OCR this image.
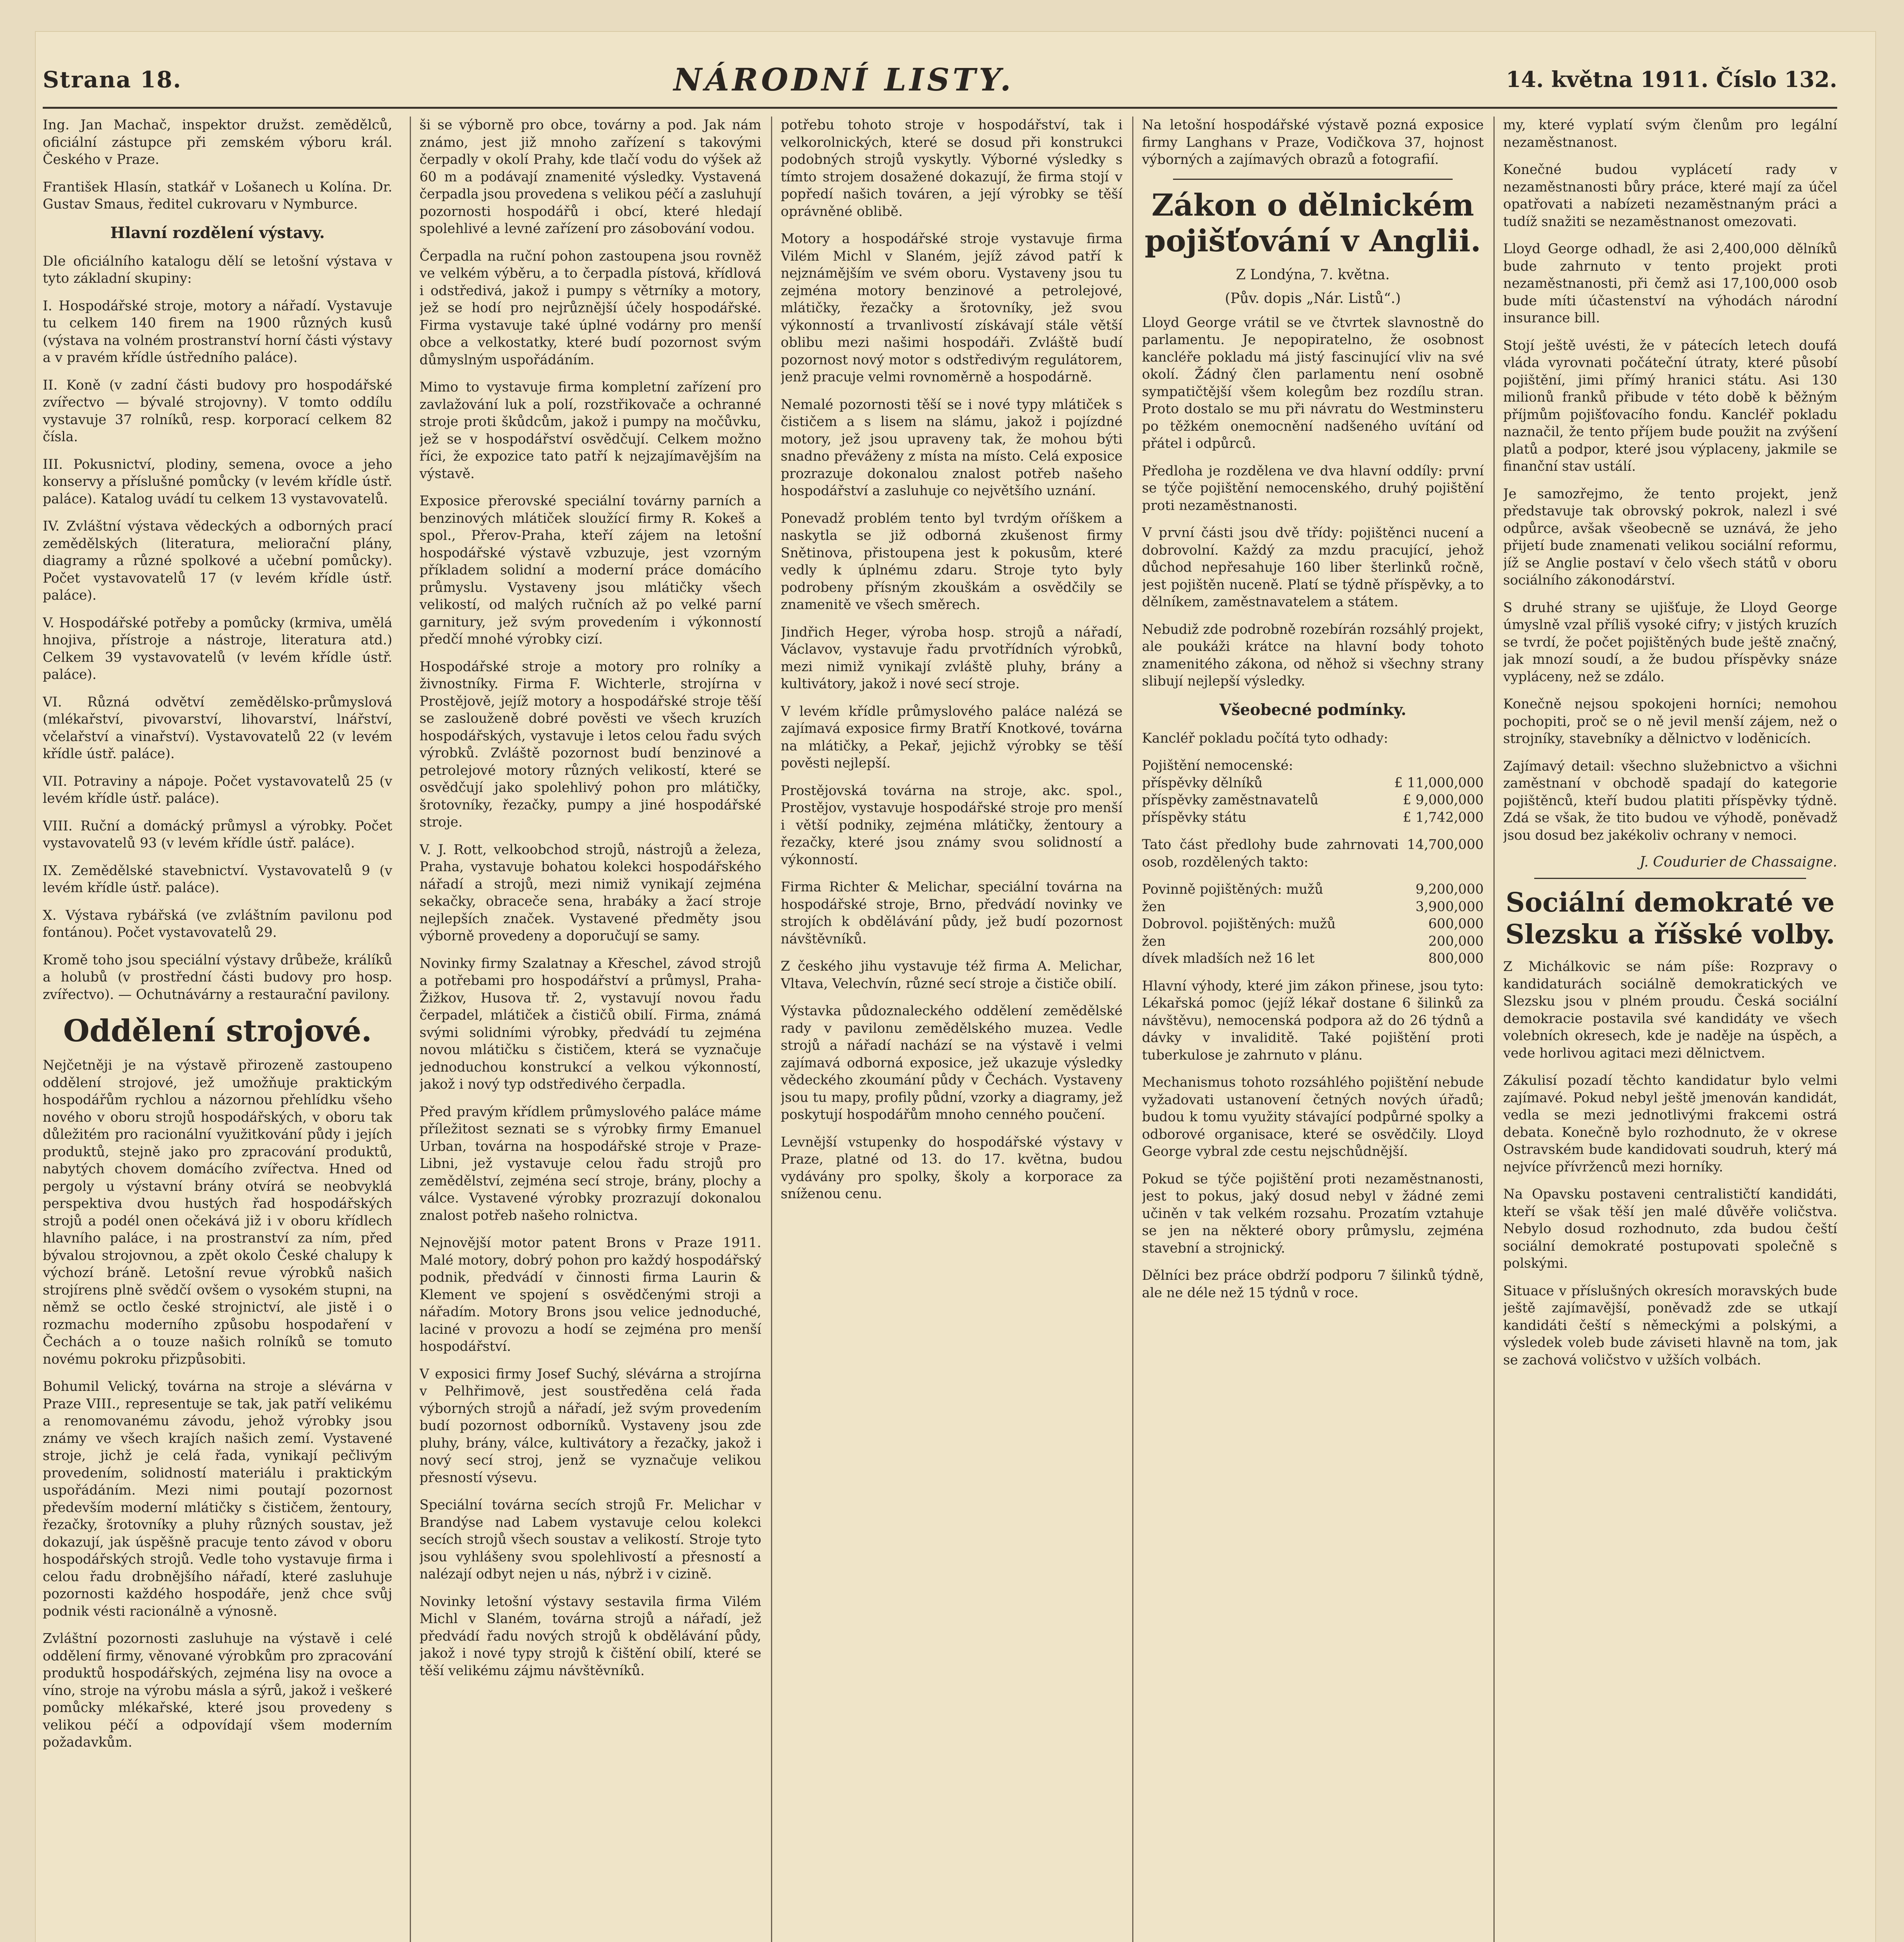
Strana 18.	NÁRODNÍ LISTY.	14. května 1911. Číslo 132.

Ing. Jan Machač, inspektor družst. zemědělců, oficiální zástupce při zemském výboru král. Českého v Praze.

František Hlasín, statkář v Lošanech u Kolína. Dr. Gustav Smaus, ředitel cukrovaru v Nymburce.

Hlavní rozdělení výstavy.

Dle oficiálního katalogu dělí se letošní výstava v tyto základní skupiny:

I. Hospodářské stroje, motory a nářadí. Vystavuje tu celkem 140 firem na 1900 různých kusů (výstava na volném prostranství horní části výstavy a v pravém křídle ústředního paláce).

II. Koně (v zadní části budovy pro hospodářské zvířectvo — bývalé strojovny). V tomto oddílu vystavuje 37 rolníků, resp. korporací celkem 82 čísla.

III. Pokusnictví, plodiny, semena, ovoce a jeho konservy a příslušné pomůcky (v levém křídle ústř. paláce). Katalog uvádí tu celkem 13 vystavovatelů.

IV. Zvláštní výstava vědeckých a odborných prací zemědělských (literatura, meliorační plány, diagramy a různé spolkové a učební pomůcky). Počet vystavovatelů 17 (v levém křídle ústř. paláce).

V. Hospodářské potřeby a pomůcky (krmiva, umělá hnojiva, přístroje a nástroje, literatura atd.) Celkem 39 vystavovatelů (v levém křídle ústř. paláce).

VI. Různá odvětví zemědělsko-průmyslová (mlékařství, pivovarství, lihovarství, lnářství, včelařství a vinařství). Vystavovatelů 22 (v levém křídle ústř. paláce).

VII. Potraviny a nápoje. Počet vystavovatelů 25 (v levém křídle ústř. paláce).

VIII. Ruční a domácký průmysl a výrobky. Počet vystavovatelů 93 (v levém křídle ústř. paláce).

IX. Zemědělské stavebnictví. Vystavovatelů 9 (v levém křídle ústř. paláce).

X. Výstava rybářská (ve zvláštním pavilonu pod fontánou). Počet vystavovatelů 29.

Kromě toho jsou speciální výstavy drůbeže, králíků a holubů (v prostřední části budovy pro hosp. zvířectvo). — Ochutnávárny a restaurační pavilony.

Oddělení strojové.

Nejčetněji je na výstavě přirozeně zastoupeno oddělení strojové, jež umožňuje praktickým hospodářům rychlou a názornou přehlídku všeho nového v oboru strojů hospodářských, v oboru tak důležitém pro racionální využitkování půdy i jejích produktů, stejně jako pro zpracování produktů, nabytých chovem domácího zvířectva. Hned od pergoly u výstavní brány otvírá se neobvyklá perspektiva dvou hustých řad hospodářských strojů a podél onen očekává již i v oboru křídlech hlavního paláce, i na prostranství za ním, před bývalou strojovnou, a zpět okolo České chalupy k výchozí bráně. Letošní revue výrobků našich strojírens plně svědčí ovšem o vysokém stupni, na němž se octlo české strojnictví, ale jistě i o rozmachu moderního způsobu hospodaření v Čechách a o touze našich rolníků se tomuto novému pokroku přizpůsobiti.

Bohumil Velický, továrna na stroje a slévárna v Praze VIII., representuje se tak, jak patří velikému a renomovanému závodu, jehož výrobky jsou známy ve všech krajích našich zemí. Vystavené stroje, jichž je celá řada, vynikají pečlivým provedením, solidností materiálu i praktickým uspořádáním. Mezi nimi poutají pozornost především moderní mlátičky s čističem, žentoury, řezačky, šrotovníky a pluhy různých soustav, jež dokazují, jak úspěšně pracuje tento závod v oboru hospodářských strojů. Vedle toho vystavuje firma i celou řadu drobnějšího nářadí, které zasluhuje pozornosti každého hospodáře, jenž chce svůj podnik vésti racionálně a výnosně.

Zvláštní pozornosti zasluhuje na výstavě i celé oddělení firmy, věnované výrobkům pro zpracování produktů hospodářských, zejména lisy na ovoce a víno, stroje na výrobu másla a sýrů, jakož i veškeré pomůcky mlékařské, které jsou provedeny s velikou péčí a odpovídají všem moderním požadavkům.

ši se výborně pro obce, továrny a pod. Jak nám známo, jest již mnoho zařízení s takovými čerpadly v okolí Prahy, kde tlačí vodu do výšek až 60 m a podávají znamenité výsledky. Vystavená čerpadla jsou provedena s velikou péčí a zasluhují pozornosti hospodářů i obcí, které hledají spolehlivé a levné zařízení pro zásobování vodou.

Čerpadla na ruční pohon zastoupena jsou rovněž ve velkém výběru, a to čerpadla pístová, křídlová i odstředivá, jakož i pumpy s větrníky a motory, jež se hodí pro nejrůznější účely hospodářské. Firma vystavuje také úplné vodárny pro menší obce a velkostatky, které budí pozornost svým důmyslným uspořádáním.

Mimo to vystavuje firma kompletní zařízení pro zavlažování luk a polí, rozstřikovače a ochranné stroje proti škůdcům, jakož i pumpy na močůvku, jež se v hospodářství osvědčují. Celkem možno říci, že expozice tato patří k nejzajímavějším na výstavě.

Exposice přerovské speciální továrny parních a benzinových mlátiček sloužící firmy R. Kokeš a spol., Přerov-Praha, kteří zájem na letošní hospodářské výstavě vzbuzuje, jest vzorným příkladem solidní a moderní práce domácího průmyslu. Vystaveny jsou mlátičky všech velikostí, od malých ručních až po velké parní garnitury, jež svým provedením i výkonností předčí mnohé výrobky cizí.

Hospodářské stroje a motory pro rolníky a živnostníky. Firma F. Wichterle, strojírna v Prostějově, jejíž motory a hospodářské stroje těší se zaslouženě dobré pověsti ve všech kruzích hospodářských, vystavuje i letos celou řadu svých výrobků. Zvláště pozornost budí benzinové a petrolejové motory různých velikostí, které se osvědčují jako spolehlivý pohon pro mlátičky, šrotovníky, řezačky, pumpy a jiné hospodářské stroje.

V. J. Rott, velkoobchod strojů, nástrojů a železa, Praha, vystavuje bohatou kolekci hospodářského nářadí a strojů, mezi nimiž vynikají zejména sekačky, obraceče sena, hrabáky a žací stroje nejlepších značek. Vystavené předměty jsou výborně provedeny a doporučují se samy.

Novinky firmy Szalatnay a Křeschel, závod strojů a potřebami pro hospodářství a průmysl, Praha-Žižkov, Husova tř. 2, vystavují novou řadu čerpadel, mlátiček a čističů obilí. Firma, známá svými solidními výrobky, předvádí tu zejména novou mlátičku s čističem, která se vyznačuje jednoduchou konstrukcí a velkou výkonností, jakož i nový typ odstředivého čerpadla.

Před pravým křídlem průmyslového paláce máme příležitost seznati se s výrobky firmy Emanuel Urban, továrna na hospodářské stroje v Praze-Libni, jež vystavuje celou řadu strojů pro zemědělství, zejména secí stroje, brány, plochy a válce. Vystavené výrobky prozrazují dokonalou znalost potřeb našeho rolnictva.

Nejnovější motor patent Brons v Praze 1911. Malé motory, dobrý pohon pro každý hospodářský podnik, předvádí v činnosti firma Laurin & Klement ve spojení s osvědčenými stroji a nářadím. Motory Brons jsou velice jednoduché, laciné v provozu a hodí se zejména pro menší hospodářství.

V exposici firmy Josef Suchý, slévárna a strojírna v Pelhřimově, jest soustředěna celá řada výborných strojů a nářadí, jež svým provedením budí pozornost odborníků. Vystaveny jsou zde pluhy, brány, válce, kultivátory a řezačky, jakož i nový secí stroj, jenž se vyznačuje velikou přesností výsevu.

Speciální továrna secích strojů Fr. Melichar v Brandýse nad Labem vystavuje celou kolekci secích strojů všech soustav a velikostí. Stroje tyto jsou vyhlášeny svou spolehlivostí a přesností a nalézají odbyt nejen u nás, nýbrž i v cizině.

Novinky letošní výstavy sestavila firma Vilém Michl v Slaném, továrna strojů a nářadí, jež předvádí řadu nových strojů k obdělávání půdy, jakož i nové typy strojů k čištění obilí, které se těší velikému zájmu návštěvníků.

potřebu tohoto stroje v hospodářství, tak i velkorolnických, které se dosud při konstrukci podobných strojů vyskytly. Výborné výsledky s tímto strojem dosažené dokazují, že firma stojí v popředí našich továren, a její výrobky se těší oprávněné oblibě.

Motory a hospodářské stroje vystavuje firma Vilém Michl v Slaném, jejíž závod patří k nejznámějším ve svém oboru. Vystaveny jsou tu zejména motory benzinové a petrolejové, mlátičky, řezačky a šrotovníky, jež svou výkonností a trvanlivostí získávají stále větší oblibu mezi našimi hospodáři. Zvláště budí pozornost nový motor s odstředivým regulátorem, jenž pracuje velmi rovnoměrně a hospodárně.

Nemalé pozornosti těší se i nové typy mlátiček s čističem a s lisem na slámu, jakož i pojízdné motory, jež jsou upraveny tak, že mohou býti snadno převáženy z místa na místo. Celá exposice prozrazuje dokonalou znalost potřeb našeho hospodářství a zasluhuje co největšího uznání.

Ponevadž problém tento byl tvrdým oříškem a naskytla se již odborná zkušenost firmy Snětinova, přistoupena jest k pokusům, které vedly k úplnému zdaru. Stroje tyto byly podrobeny přísným zkouškám a osvědčily se znamenitě ve všech směrech.

Jindřich Heger, výroba hosp. strojů a nářadí, Václavov, vystavuje řadu prvotřídních výrobků, mezi nimiž vynikají zvláště pluhy, brány a kultivátory, jakož i nové secí stroje.

V levém křídle průmyslového paláce nalézá se zajímavá exposice firmy Bratří Knotkové, továrna na mlátičky, a Pekař, jejichž výrobky se těší pověsti nejlepší.

Prostějovská továrna na stroje, akc. spol., Prostějov, vystavuje hospodářské stroje pro menší i větší podniky, zejména mlátičky, žentoury a řezačky, které jsou známy svou solidností a výkonností.

Firma Richter & Melichar, speciální továrna na hospodářské stroje, Brno, předvádí novinky ve strojích k obdělávání půdy, jež budí pozornost návštěvníků.

Z českého jihu vystavuje též firma A. Melichar, Vltava, Velechvín, různé secí stroje a čističe obilí.

Výstavka půdoznaleckého oddělení zemědělské rady v pavilonu zemědělského muzea. Vedle strojů a nářadí nachází se na výstavě i velmi zajímavá odborná exposice, jež ukazuje výsledky vědeckého zkoumání půdy v Čechách. Vystaveny jsou tu mapy, profily půdní, vzorky a diagramy, jež poskytují hospodářům mnoho cenného poučení.

Levnější vstupenky do hospodářské výstavy v Praze, platné od 13. do 17. května, budou vydávány pro spolky, školy a korporace za sníženou cenu.

Na letošní hospodářské výstavě pozná exposice firmy Langhans v Praze, Vodičkova 37, hojnost výborných a zajímavých obrazů a fotografií.

Zákon o dělnickém pojišťování v Anglii.
Z Londýna, 7. května.
(Pův. dopis „Nár. Listů“.)

Lloyd George vrátil se ve čtvrtek slavnostně do parlamentu. Je nepopiratelno, že osobnost kancléře pokladu má jistý fascinující vliv na své okolí. Žádný člen parlamentu není osobně sympatičtější všem kolegům bez rozdílu stran. Proto dostalo se mu při návratu do Westminsteru po těžkém onemocnění nadšeného uvítání od přátel i odpůrců.

Předloha je rozdělena ve dva hlavní oddíly: první se týče pojištění nemocenského, druhý pojištění proti nezaměstnanosti.

V první části jsou dvě třídy: pojištěnci nucení a dobrovolní. Každý za mzdu pracující, jehož důchod nepřesahuje 160 liber šterlinků ročně, jest pojištěn nuceně. Platí se týdně příspěvky, a to dělníkem, zaměstnavatelem a státem.

Nebudiž zde podrobně rozebírán rozsáhlý projekt, ale poukáži krátce na hlavní body tohoto znamenitého zákona, od něhož si všechny strany slibují nejlepší výsledky.

Všeobecné podmínky.

Kancléř pokladu počítá tyto odhady:

Pojištění nemocenské:
příspěvky dělníků	£ 11,000,000
příspěvky zaměstnavatelů	£ 9,000,000
příspěvky státu	£ 1,742,000

Tato část předlohy bude zahrnovati 14,700,000 osob, rozdělených takto:

Povinně pojištěných: mužů	9,200,000
žen	3,900,000
Dobrovol. pojištěných: mužů	600,000
žen	200,000
dívek mladších než 16 let	800,000

Hlavní výhody, které jim zákon přinese, jsou tyto: Lékařská pomoc (jejíž lékař dostane 6 šilinků za návštěvu), nemocenská podpora až do 26 týdnů a dávky v invaliditě. Také pojištění proti tuberkulose je zahrnuto v plánu.

Mechanismus tohoto rozsáhlého pojištění nebude vyžadovati ustanovení četných nových úřadů; budou k tomu využity stávající podpůrné spolky a odborové organisace, které se osvědčily. Lloyd George vybral zde cestu nejschůdnější.

Pokud se týče pojištění proti nezaměstnanosti, jest to pokus, jaký dosud nebyl v žádné zemi učiněn v tak velkém rozsahu. Prozatím vztahuje se jen na některé obory průmyslu, zejména stavební a strojnický.

Dělníci bez práce obdrží podporu 7 šilinků týdně, ale ne déle než 15 týdnů v roce.

my, které vyplatí svým členům pro legální nezaměstnanost.

Konečné budou vyplácetí rady v nezaměstnanosti bůry práce, které mají za účel opatřovati a nabízeti nezaměstnaným práci a tudíž snažiti se nezaměstnanost omezovati.

Lloyd George odhadl, že asi 2,400,000 dělníků bude zahrnuto v tento projekt proti nezaměstnanosti, při čemž asi 17,100,000 osob bude míti účastenství na výhodách národní insurance bill.

Stojí ještě uvésti, že v pátecích letech doufá vláda vyrovnati počáteční útraty, které působí pojištění, jimi přímý hranici státu. Asi 130 milionů franků přibude v této době k běžným příjmům pojišťovacího fondu. Kancléř pokladu naznačil, že tento příjem bude použit na zvýšení platů a podpor, které jsou výplaceny, jakmile se finanční stav ustálí.

Je samozřejmo, že tento projekt, jenž představuje tak obrovský pokrok, nalezl i své odpůrce, avšak všeobecně se uznává, že jeho přijetí bude znamenati velikou sociální reformu, jíž se Anglie postaví v čelo všech států v oboru sociálního zákonodárství.

S druhé strany se ujišťuje, že Lloyd George úmyslně vzal příliš vysoké cifry; v jistých kruzích se tvrdí, že počet pojištěných bude ještě značný, jak mnozí soudí, a že budou příspěvky snáze vypláceny, než se zdálo.

Konečně nejsou spokojeni horníci; nemohou pochopiti, proč se o ně jevil menší zájem, než o strojníky, stavebníky a dělnictvo v loděnicích.

Zajímavý detail: všechno služebnictvo a všichni zaměstnaní v obchodě spadají do kategorie pojištěnců, kteří budou platiti příspěvky týdně. Zdá se však, že tito budou ve výhodě, poněvadž jsou dosud bez jakékoliv ochrany v nemoci.

J. Coudurier de Chassaigne.
Sociální demokraté ve Slezsku a říšské volby.

Z Michálkovic se nám píše: Rozpravy o kandidaturách sociálně demokratických ve Slezsku jsou v plném proudu. Česká sociální demokracie postavila své kandidáty ve všech volebních okresech, kde je naděje na úspěch, a vede horlivou agitaci mezi dělnictvem.

Zákulisí pozadí těchto kandidatur bylo velmi zajímavé. Pokud nebyl ještě jmenován kandidát, vedla se mezi jednotlivými frakcemi ostrá debata. Konečně bylo rozhodnuto, že v okrese Ostravském bude kandidovati soudruh, který má nejvíce přívrženců mezi horníky.

Na Opavsku postaveni centralističtí kandidáti, kteří se však těší jen malé důvěře voličstva. Nebylo dosud rozhodnuto, zda budou čeští sociální demokraté postupovati společně s polskými.

Situace v příslušných okresích moravských bude ještě zajímavější, poněvadž zde se utkají kandidáti čeští s německými a polskými, a výsledek voleb bude záviseti hlavně na tom, jak se zachová voličstvo v užších volbách.
